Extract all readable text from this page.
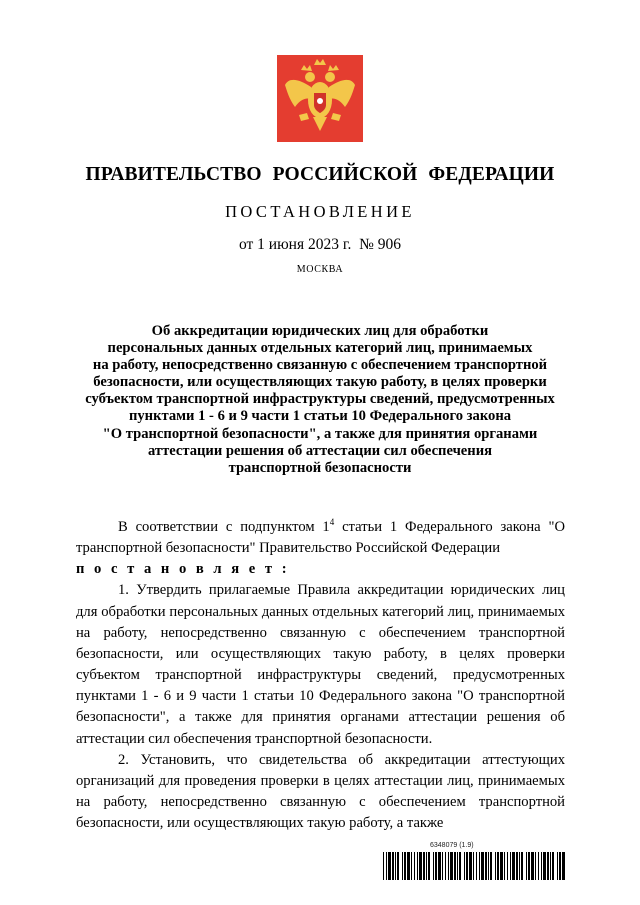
ПРАВИТЕЛЬСТВО РОССИЙСКОЙ ФЕДЕРАЦИИ
ПОСТАНОВЛЕНИЕ
от 1 июня 2023 г.  № 906
МОСКВА
Об аккредитации юридических лиц для обработки
персональных данных отдельных категорий лиц, принимаемых
на работу, непосредственно связанную с обеспечением транспортной
безопасности, или осуществляющих такую работу, в целях проверки
субъектом транспортной инфраструктуры сведений, предусмотренных
пунктами 1 - 6 и 9 части 1 статьи 10 Федерального закона
"О транспортной безопасности", а также для принятия органами
аттестации решения об аттестации сил обеспечения
транспортной безопасности

В соответствии с подпунктом $1^4$ статьи 1 Федерального закона "О транспортной безопасности" Правительство Российской Федерации

п о с т а н о в л я е т :

1. Утвердить прилагаемые Правила аккредитации юридических лиц для обработки персональных данных отдельных категорий лиц, принимаемых на работу, непосредственно связанную с обеспечением транспортной безопасности, или осуществляющих такую работу, в целях проверки субъектом транспортной инфраструктуры сведений, предусмотренных пунктами 1 - 6 и 9 части 1 статьи 10 Федерального закона "О транспортной безопасности", а также для принятия органами аттестации решения об аттестации сил обеспечения транспортной безопасности.

2. Установить, что свидетельства об аккредитации аттестующих организаций для проведения проверки в целях аттестации лиц, принимаемых на работу, непосредственно связанную с обеспечением транспортной безопасности, или осуществляющих такую работу, а также

6348079 (1.9)
